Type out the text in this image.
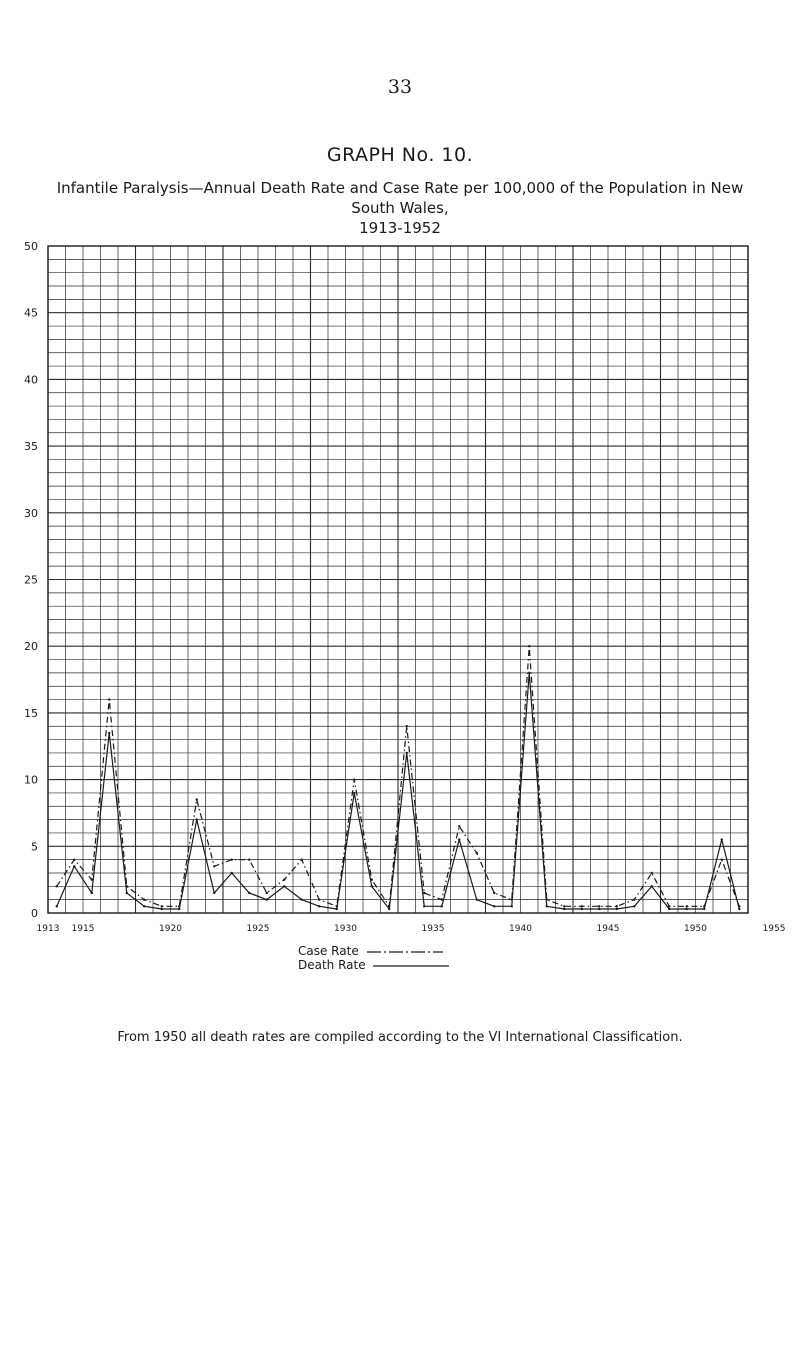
33
GRAPH No. 10.
Infantile Paralysis—Annual Death Rate and Case Rate per 100,000 of the Population in New South Wales,
1913-1952
0
5
10
15
20
25
30
35
40
45
50
1913 1915	1920	1925	1930	1935	1940	1945	1950	1955
Case Rate
Death Rate
From 1950 all death rates are compiled according to the VI International Classification.
